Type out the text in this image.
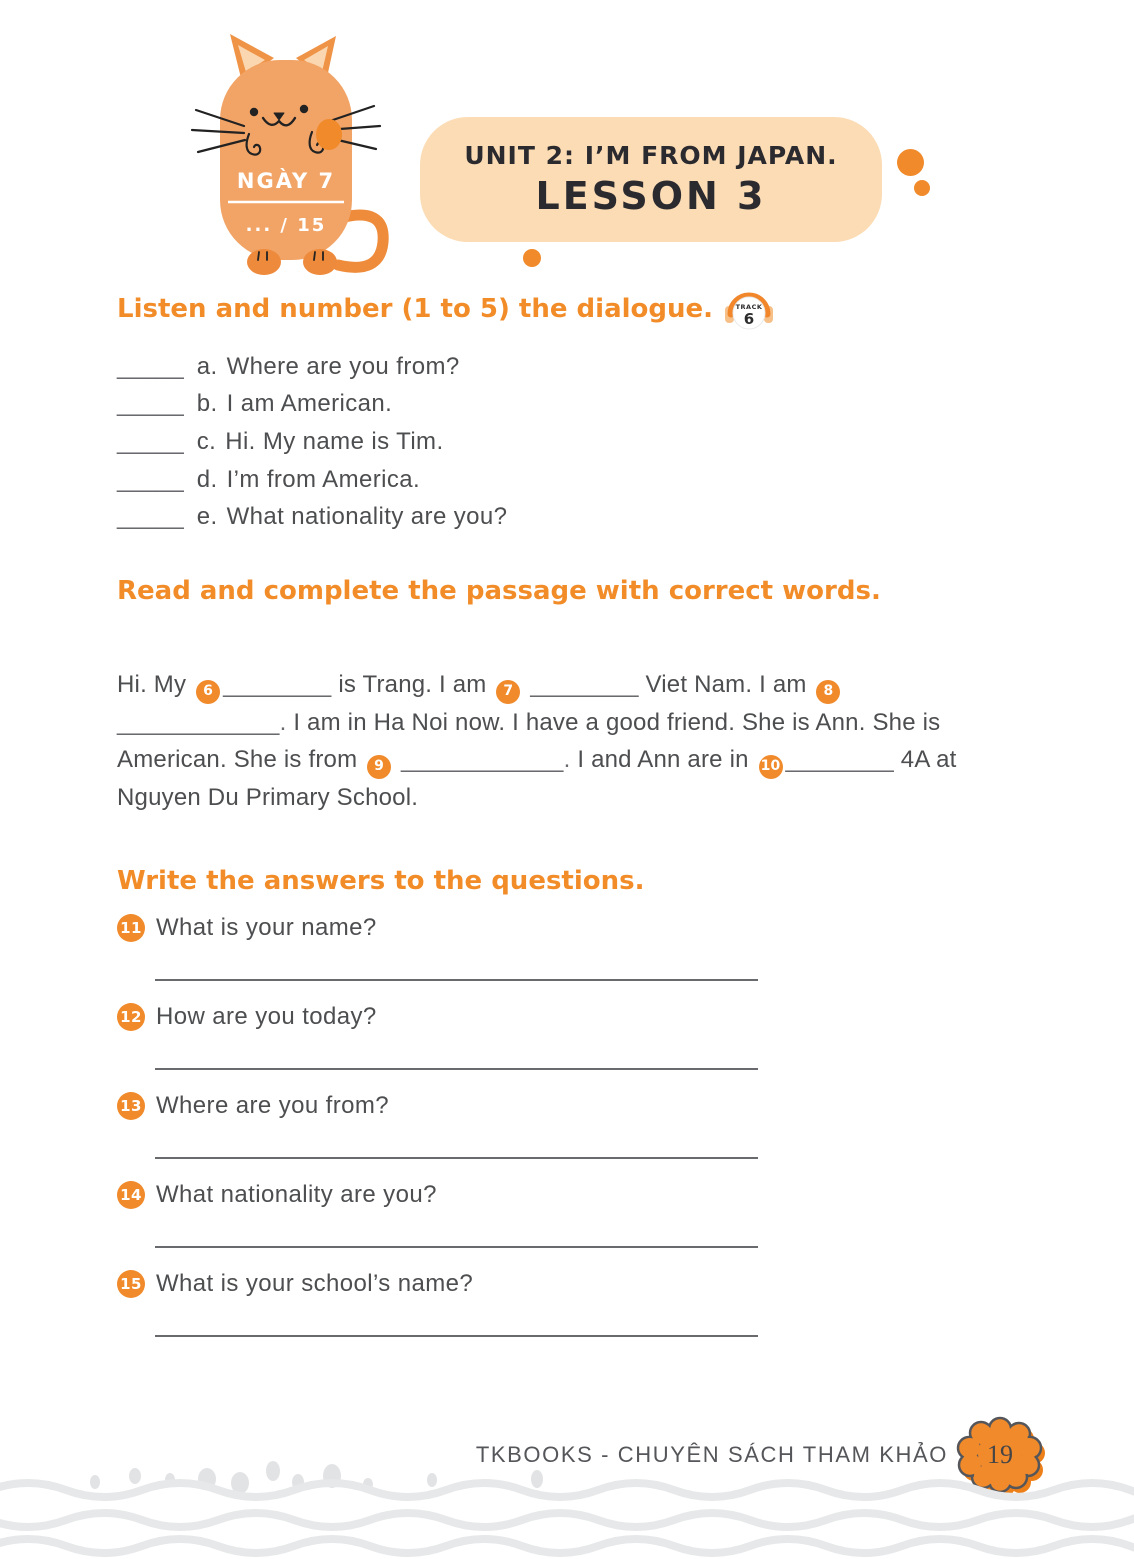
NGÀY 7
... / 15
UNIT 2: I’M FROM JAPAN.
LESSON 3
Listen and number (1 to 5) the dialogue.	TRACK
6
_____ a. Where are you from?
_____ b. I am American.
_____ c. Hi. My name is Tim.
_____ d. I’m from America.
_____ e. What nationality are you?
Read and complete the passage with correct words.
Hi. My 6 ________ is Trang. I am 7 ________ Viet Nam. I am 8 ____________. I am in Ha Noi now. I have a good friend. She is Ann. She is American. She is from 9 ____________. I and Ann are in 10 ________ 4A at Nguyen Du Primary School.
Write the answers to the questions.
11 What is your name?
12 How are you today?
13 Where are you from?
14 What nationality are you?
15 What is your school’s name?
TKBOOKS - CHUYÊN SÁCH THAM KHẢO 19
